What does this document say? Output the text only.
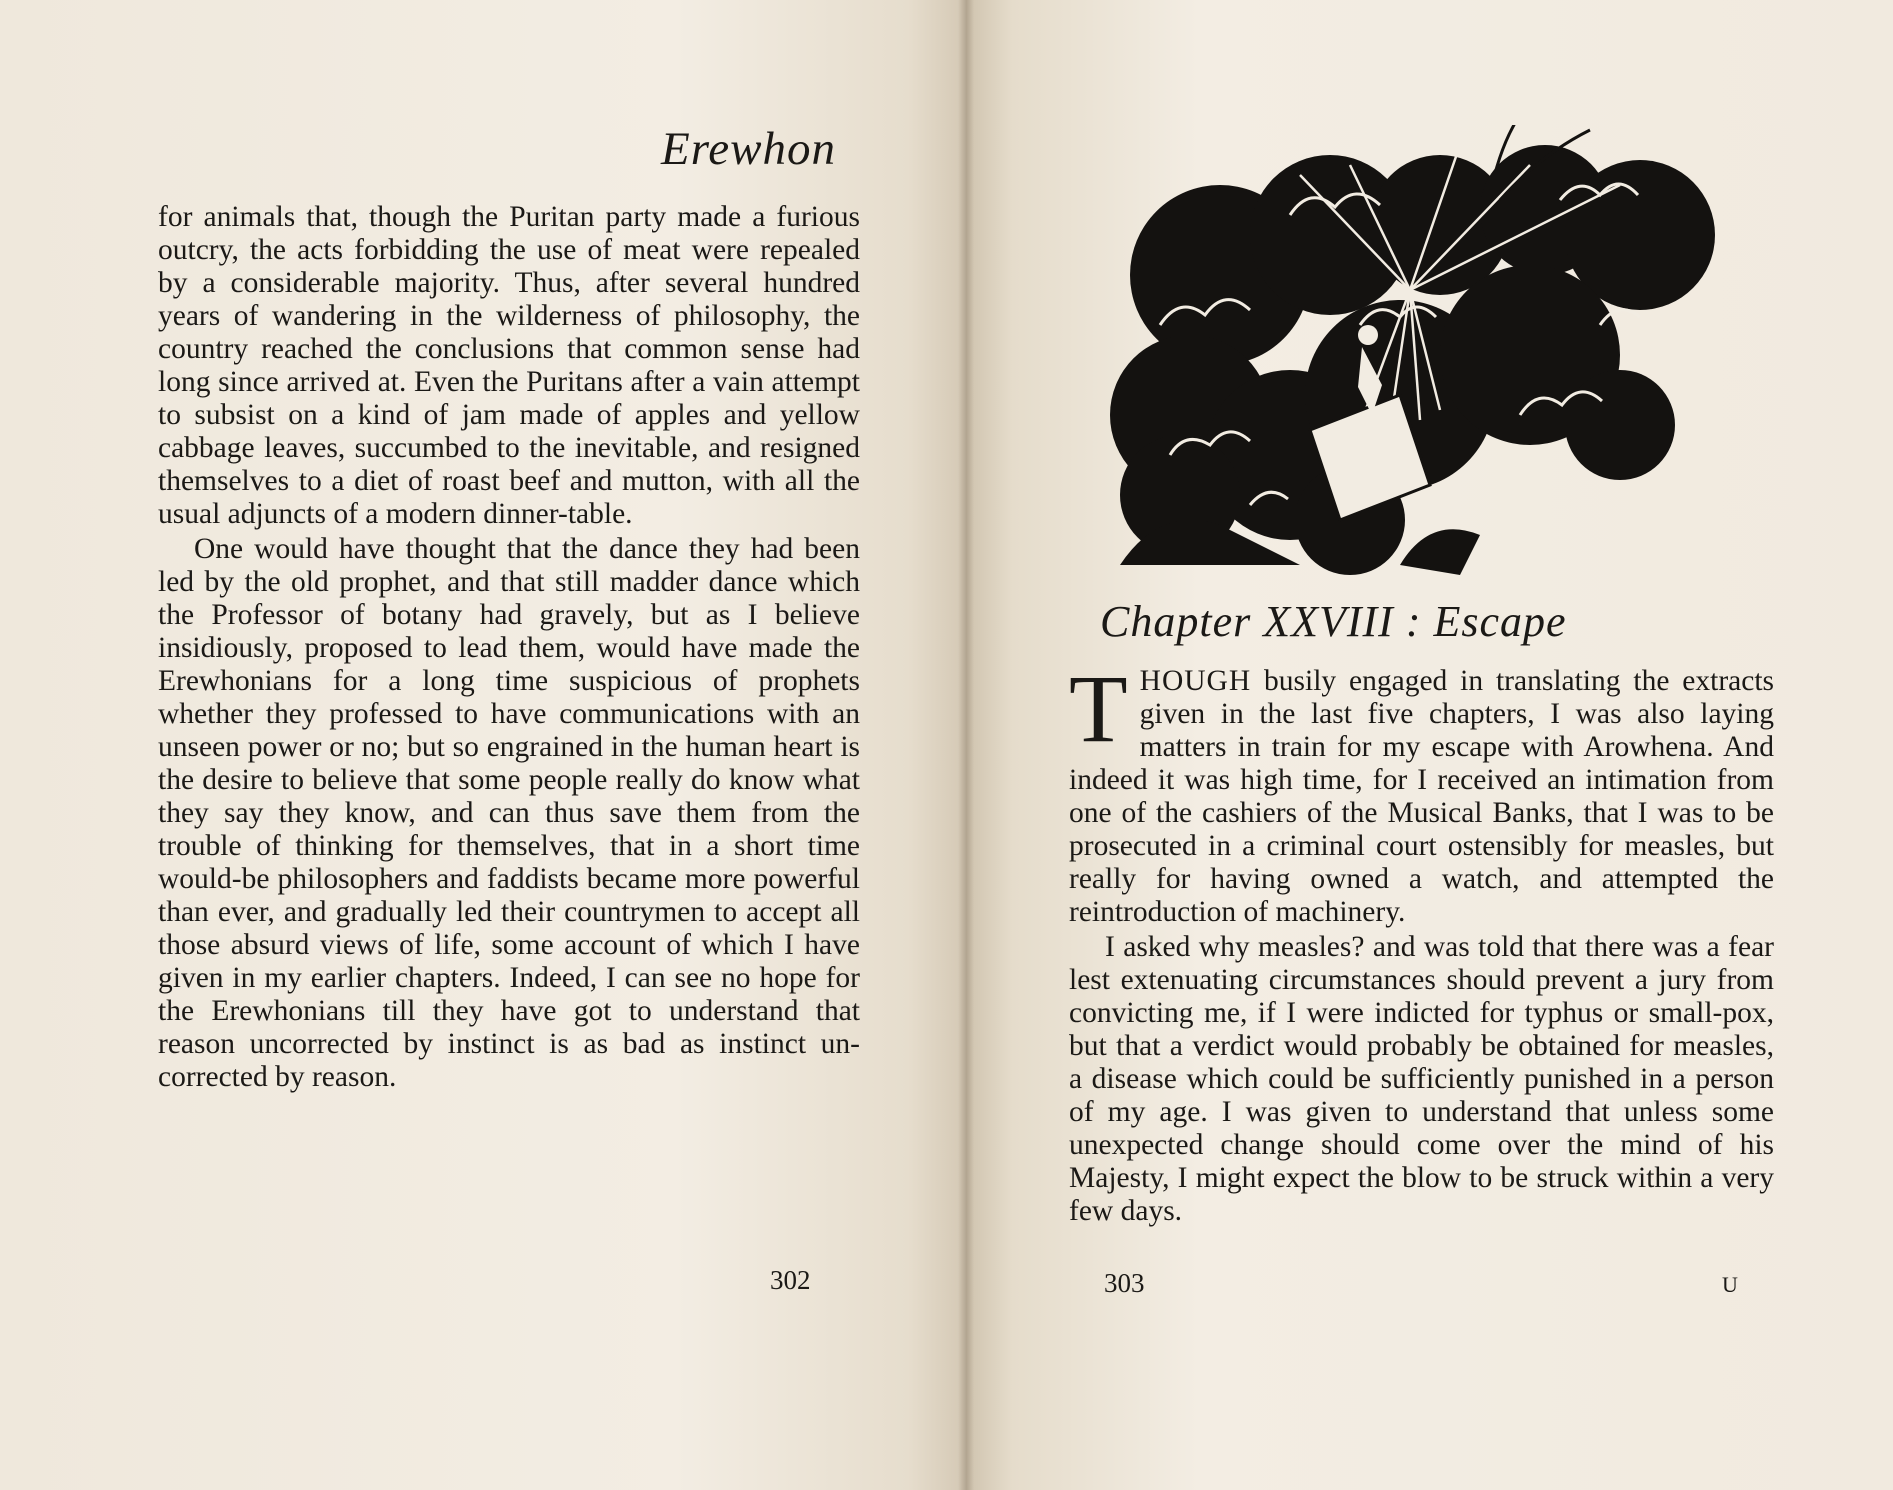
Erewhon

for animals that, though the Puritan party made a furious outcry, the acts forbidding the use of meat were repealed by a considerable majority. Thus, after several hundred years of wandering in the wilderness of philosophy, the country reached the conclusions that common sense had long since arrived at. Even the Puritans after a vain attempt to subsist on a kind of jam made of apples and yellow cabbage leaves, succumbed to the inevitable, and resigned themselves to a diet of roast beef and mutton, with all the usual adjuncts of a modern dinner-table.

One would have thought that the dance they had been led by the old prophet, and that still madder dance which the Professor of botany had gravely, but as I believe insidiously, proposed to lead them, would have made the Erewhonians for a long time suspicious of prophets whether they professed to have communications with an unseen power or no; but so engrained in the human heart is the desire to believe that some people really do know what they say they know, and can thus save them from the trouble of thinking for themselves, that in a short time would-be philosophers and faddists became more powerful than ever, and gradually led their countrymen to accept all those absurd views of life, some account of which I have given in my earlier chapters. Indeed, I can see no hope for the Erewhonians till they have got to understand that reason uncorrected by instinct is as bad as instinct uncorrected by reason.

302
Chapter XXVIII : Escape

THOUGH busily engaged in translating the extracts given in the last five chapters, I was also laying matters in train for my escape with Arowhena. And indeed it was high time, for I received an intimation from one of the cashiers of the Musical Banks, that I was to be prosecuted in a criminal court ostensibly for measles, but really for having owned a watch, and attempted the reintroduction of machinery.

I asked why measles? and was told that there was a fear lest extenuating circumstances should prevent a jury from convicting me, if I were indicted for typhus or small-pox, but that a verdict would probably be obtained for measles, a disease which could be sufficiently punished in a person of my age. I was given to understand that unless some unexpected change should come over the mind of his Majesty, I might expect the blow to be struck within a very few days.

303	U
